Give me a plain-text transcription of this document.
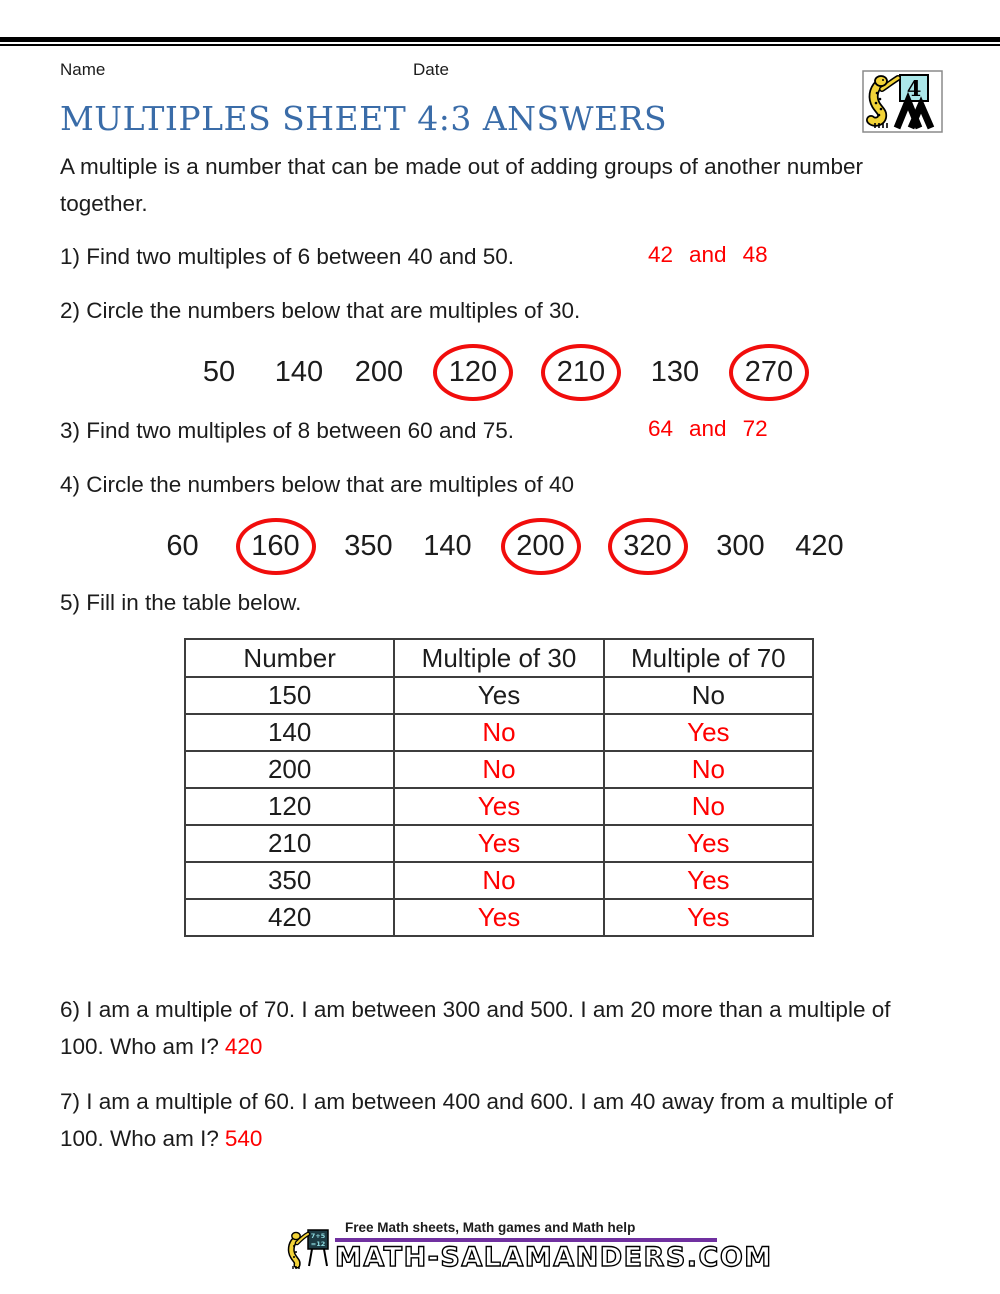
Name	Date
4
MULTIPLES SHEET 4:3 ANSWERS
A multiple is a number that can be made out of adding groups of another number together.
1) Find two multiples of 6 between 40 and 50.	42 and 48
2) Circle the numbers below that are multiples of 30.
50	140 200	120	210	130	270
3) Find two multiples of 8 between 60 and 75.	64 and 72
4) Circle the numbers below that are multiples of 40
60	160	350 140	200	320	300 420
5) Fill in the table below.
Number	Multiple of 30	Multiple of 70
150	Yes	No
140	No	Yes
200	No	No
120	Yes	No
210	Yes	Yes
350	No	Yes
420	Yes	Yes
6) I am a multiple of 70. I am between 300 and 500. I am 20 more than a multiple of 100. Who am I? 420
7) I am a multiple of 60. I am between 400 and 600. I am 40 away from a multiple of 100. Who am I? 540
7+5
=12
Free Math sheets, Math games and Math help
MATH-SALAMANDERS.COM
